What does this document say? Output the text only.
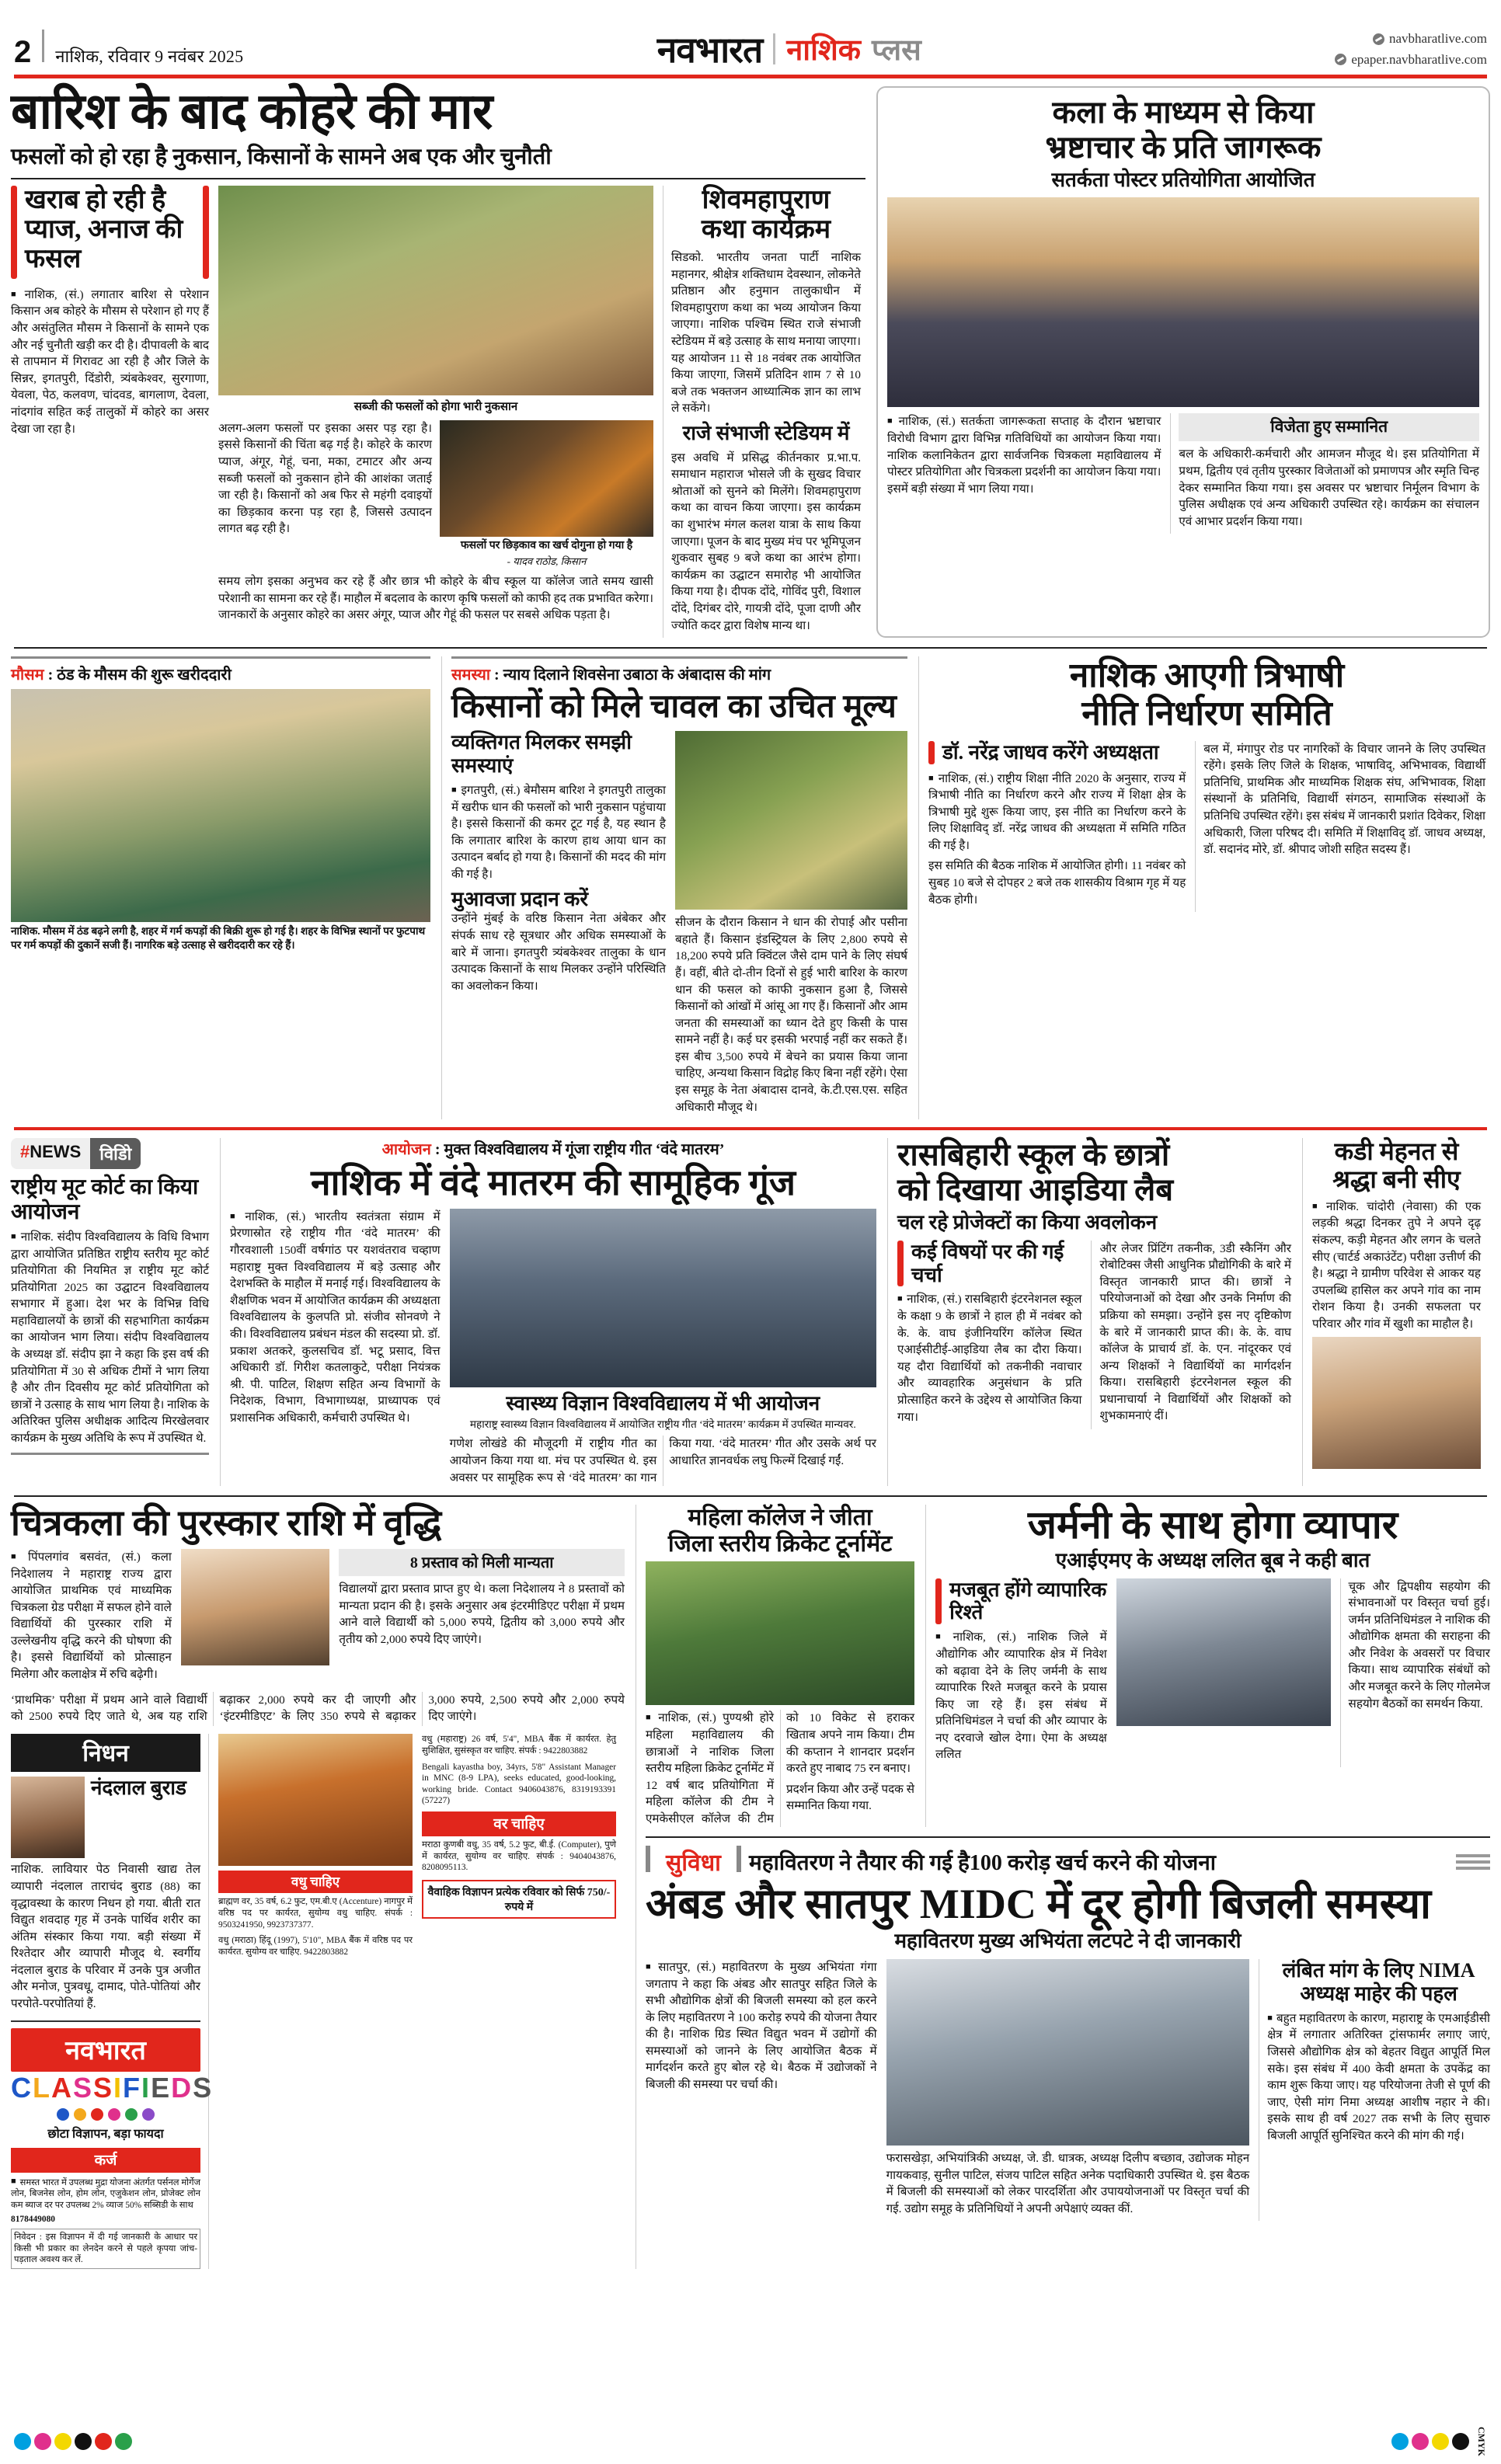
2 नाशिक, रविवार 9 नवंबर 2025	नवभारत नाशिक प्लस	navbharatlive.com
epaper.navbharatlive.com
बारिश के बाद कोहरे की मार
फसलों को हो रहा है नुकसान, किसानों के सामने अब एक और चुनौती
खराब हो रही है प्याज, अनाज की फसल

■ नाशिक, (सं.) लगातार बारिश से परेशान किसान अब कोहरे के मौसम से परेशान हो गए हैं और असंतुलित मौसम ने किसानों के सामने एक और नई चुनौती खड़ी कर दी है। दीपावली के बाद से तापमान में गिरावट आ रही है और जिले के सिन्नर, इगतपुरी, दिंडोरी, त्र्यंबकेश्वर, सुरगाणा, येवला, पेठ, कलवण, चांदवड, बागलाण, देवला, नांदगांव सहित कई तालुकों में कोहरे का असर देखा जा रहा है।

सब्जी की फसलों को होगा भारी नुकसान

अलग-अलग फसलों पर इसका असर पड़ रहा है। इससे किसानों की चिंता बढ़ गई है। कोहरे के कारण प्याज, अंगूर, गेहूं, चना, मका, टमाटर और अन्य सब्जी फसलों को नुकसान होने की आशंका जताई जा रही है। किसानों को अब फिर से महंगी दवाइयों का छिड़काव करना पड़ रहा है, जिससे उत्पादन लागत बढ़ रही है।

फसलों पर छिड़काव का खर्च दोगुना हो गया है
- यादव राठोड, किसान

समय लोग इसका अनुभव कर रहे हैं और छात्र भी कोहरे के बीच स्कूल या कॉलेज जाते समय खासी परेशानी का सामना कर रहे हैं। माहौल में बदलाव के कारण कृषि फसलों को काफी हद तक प्रभावित करेगा। जानकारों के अनुसार कोहरे का असर अंगूर, प्याज और गेहूं की फसल पर सबसे अधिक पड़ता है।

शिवमहापुराण
कथा कार्यक्रम

सिडको. भारतीय जनता पार्टी नाशिक महानगर, श्रीक्षेत्र शक्तिधाम देवस्थान, लोकनेते प्रतिष्ठान और हनुमान तालुकाधीन में शिवमहापुराण कथा का भव्य आयोजन किया जाएगा। नाशिक पश्चिम स्थित राजे संभाजी स्टेडियम में बड़े उत्साह के साथ मनाया जाएगा। यह आयोजन 11 से 18 नवंबर तक आयोजित किया जाएगा, जिसमें प्रतिदिन शाम 7 से 10 बजे तक भक्तजन आध्यात्मिक ज्ञान का लाभ ले सकेंगे।

राजे संभाजी स्टेडियम में

इस अवधि में प्रसिद्ध कीर्तनकार प्र.भा.प. समाधान महाराज भोसले जी के सुखद विचार श्रोताओं को सुनने को मिलेंगे। शिवमहापुराण कथा का वाचन किया जाएगा। इस कार्यक्रम का शुभारंभ मंगल कलश यात्रा के साथ किया जाएगा। पूजन के बाद मुख्य मंच पर भूमिपूजन शुकवार सुबह 9 बजे कथा का आरंभ होगा। कार्यक्रम का उद्घाटन समारोह भी आयोजित किया गया है। दीपक दोंदे, गोविंद पुरी, विशाल दोंदे, दिगंबर दोरे, गायत्री दोंदे, पूजा दाणी और ज्योति कदर द्वारा विशेष मान्य था।

कला के माध्यम से किया
भ्रष्टाचार के प्रति जागरूक
सतर्कता पोस्टर प्रतियोगिता आयोजित

■ नाशिक, (सं.) सतर्कता जागरूकता सप्ताह के दौरान भ्रष्टाचार विरोधी विभाग द्वारा विभिन्न गतिविधियों का आयोजन किया गया। नाशिक कलानिकेतन द्वारा सार्वजनिक चित्रकला महाविद्यालय में पोस्टर प्रतियोगिता और चित्रकला प्रदर्शनी का आयोजन किया गया। इसमें बड़ी संख्या में भाग लिया गया।

विजेता हुए सम्मानित

बल के अधिकारी-कर्मचारी और आमजन मौजूद थे। इस प्रतियोगिता में प्रथम, द्वितीय एवं तृतीय पुरस्कार विजेताओं को प्रमाणपत्र और स्मृति चिन्ह देकर सम्मानित किया गया। इस अवसर पर भ्रष्टाचार निर्मूलन विभाग के पुलिस अधीक्षक एवं अन्य अधिकारी उपस्थित रहे। कार्यक्रम का संचालन एवं आभार प्रदर्शन किया गया।

मौसम : ठंड के मौसम की शुरू खरीददारी
नाशिक. मौसम में ठंड बढ़ने लगी है, शहर में गर्म कपड़ों की बिक्री शुरू हो गई है। शहर के विभिन्न स्थानों पर फुटपाथ पर गर्म कपड़ों की दुकानें सजी हैं। नागरिक बड़े उत्साह से खरीददारी कर रहे हैं।
समस्या : न्याय दिलाने शिवसेना उबाठा के अंबादास की मांग
किसानों को मिले चावल का उचित मूल्य
व्यक्तिगत मिलकर समझी समस्याएं

■ इगतपुरी, (सं.) बेमौसम बारिश ने इगतपुरी तालुका में खरीफ धान की फसलों को भारी नुकसान पहुंचाया है। इससे किसानों की कमर टूट गई है, यह स्थान है कि लगातार बारिश के कारण हाथ आया धान का उत्पादन बर्बाद हो गया है। किसानों की मदद की मांग की गई है।

मुआवजा प्रदान करें

उन्होंने मुंबई के वरिष्ठ किसान नेता अंबेकर और संपर्क साध रहे सूत्रधार और अधिक समस्याओं के बारे में जाना। इगतपुरी त्र्यंबकेश्वर तालुका के धान उत्पादक किसानों के साथ मिलकर उन्होंने परिस्थिति का अवलोकन किया।

सीजन के दौरान किसान ने धान की रोपाई और पसीना बहाते हैं। किसान इंडस्ट्रियल के लिए 2,800 रुपये से 18,200 रुपये प्रति क्विंटल जैसे दाम पाने के लिए संघर्ष हैं। वहीं, बीते दो-तीन दिनों से हुई भारी बारिश के कारण धान की फसल को काफी नुकसान हुआ है, जिससे किसानों को आंखों में आंसू आ गए हैं। किसानों और आम जनता की समस्याओं का ध्यान देते हुए किसी के पास सामने नहीं है। कई घर इसकी भरपाई नहीं कर सकते हैं। इस बीच 3,500 रुपये में बेचने का प्रयास किया जाना चाहिए, अन्यथा किसान विद्रोह किए बिना नहीं रहेंगे। ऐसा इस समूह के नेता अंबादास दानवे, के.टी.एस.एस. सहित अधिकारी मौजूद थे।

नाशिक आएगी त्रिभाषी
नीति निर्धारण समिति
डॉ. नरेंद्र जाधव करेंगे अध्यक्षता

■ नाशिक, (सं.) राष्ट्रीय शिक्षा नीति 2020 के अनुसार, राज्य में त्रिभाषी नीति का निर्धारण करने और राज्य में शिक्षा क्षेत्र के त्रिभाषी मुद्दे शुरू किया जाए, इस नीति का निर्धारण करने के लिए शिक्षाविद् डॉ. नरेंद्र जाधव की अध्यक्षता में समिति गठित की गई है।

इस समिति की बैठक नाशिक में आयोजित होगी। 11 नवंबर को सुबह 10 बजे से दोपहर 2 बजे तक शासकीय विश्राम गृह में यह बैठक होगी।

बल में, मंगापुर रोड पर नागरिकों के विचार जानने के लिए उपस्थित रहेंगे। इसके लिए जिले के शिक्षक, भाषाविद्, अभिभावक, विद्यार्थी प्रतिनिधि, प्राथमिक और माध्यमिक शिक्षक संघ, अभिभावक, शिक्षा संस्थानों के प्रतिनिधि, विद्यार्थी संगठन, सामाजिक संस्थाओं के प्रतिनिधि उपस्थित रहेंगे। इस संबंध में जानकारी प्रशांत दिवेकर, शिक्षा अधिकारी, जिला परिषद दी। समिति में शिक्षाविद् डॉ. जाधव अध्यक्ष, डॉ. सदानंद मोरे, डॉ. श्रीपाद जोशी सहित सदस्य हैं।

#NEWS	विडिो
राष्ट्रीय मूट कोर्ट का किया आयोजन

■ नाशिक. संदीप विश्वविद्यालय के विधि विभाग द्वारा आयोजित प्रतिष्ठित राष्ट्रीय स्तरीय मूट कोर्ट प्रतियोगिता की नियमित ज्ञ राष्ट्रीय मूट कोर्ट प्रतियोगिता 2025 का उद्घाटन विश्वविद्यालय सभागार में हुआ। देश भर के विभिन्न विधि महाविद्यालयों के छात्रों की सहभागिता कार्यक्रम का आयोजन भाग लिया। संदीप विश्वविद्यालय के अध्यक्ष डॉ. संदीप झा ने कहा कि इस वर्ष की प्रतियोगिता में 30 से अधिक टीमों ने भाग लिया है और तीन दिवसीय मूट कोर्ट प्रतियोगिता को छात्रों ने उत्साह के साथ भाग लिया है। नाशिक के अतिरिक्त पुलिस अधीक्षक आदित्य मिरखेलवार कार्यक्रम के मुख्य अतिथि के रूप में उपस्थित थे.

आयोजन : मुक्त विश्वविद्यालय में गूंजा राष्ट्रीय गीत ‘वंदे मातरम’
नाशिक में वंदे मातरम की सामूहिक गूंज

■ नाशिक, (सं.) भारतीय स्वतंत्रता संग्राम में प्रेरणास्रोत रहे राष्ट्रीय गीत ‘वंदे मातरम’ की गौरवशाली 150वीं वर्षगांठ पर यशवंतराव चव्हाण महाराष्ट्र मुक्त विश्वविद्यालय में बड़े उत्साह और देशभक्ति के माहौल में मनाई गई। विश्वविद्यालय के शैक्षणिक भवन में आयोजित कार्यक्रम की अध्यक्षता विश्वविद्यालय के कुलपति प्रो. संजीव सोनवणे ने की। विश्वविद्यालय प्रबंधन मंडल की सदस्या प्रो. डॉ. प्रकाश अतकरे, कुलसचिव डॉ. भटू प्रसाद, वित्त अधिकारी डॉ. गिरीश कतलाकुटे, परीक्षा नियंत्रक श्री. पी. पाटिल, शिक्षण सहित अन्य विभागों के निदेशक, विभाग, विभागाध्यक्ष, प्राध्यापक एवं प्रशासनिक अधिकारी, कर्मचारी उपस्थित थे।

स्वास्थ्य विज्ञान विश्वविद्यालय में भी आयोजन
महाराष्ट्र स्वास्थ्य विज्ञान विश्वविद्यालय में आयोजित राष्ट्रीय गीत ‘वंदे मातरम’ कार्यक्रम में उपस्थित मान्यवर.

गणेश लोखंडे की मौजूदगी में राष्ट्रीय गीत का आयोजन किया गया था. मंच पर उपस्थित थे. इस अवसर पर सामूहिक रूप से ‘वंदे मातरम’ का गान किया गया. ‘वंदे मातरम’ गीत और उसके अर्थ पर आधारित ज्ञानवर्धक लघु फिल्में दिखाई गईं.

रासबिहारी स्कूल के छात्रों
को दिखाया आइडिया लैब
चल रहे प्रोजेक्टों का किया अवलोकन
कई विषयों पर की गई चर्चा

■ नाशिक, (सं.) रासबिहारी इंटरनेशनल स्कूल के कक्षा 9 के छात्रों ने हाल ही में नवंबर को के. के. वाघ इंजीनियरिंग कॉलेज स्थित एआईसीटीई-आइडिया लैब का दौरा किया। यह दौरा विद्यार्थियों को तकनीकी नवाचार और व्यावहारिक अनुसंधान के प्रति प्रोत्साहित करने के उद्देश्य से आयोजित किया गया।

और लेजर प्रिंटिंग तकनीक, 3डी स्कैनिंग और रोबोटिक्स जैसी आधुनिक प्रौद्योगिकी के बारे में विस्तृत जानकारी प्राप्त की। छात्रों ने परियोजनाओं को देखा और उनके निर्माण की प्रक्रिया को समझा। उन्होंने इस नए दृष्टिकोण के बारे में जानकारी प्राप्त की। के. के. वाघ कॉलेज के प्राचार्य डॉ. के. एन. नांदूरकर एवं अन्य शिक्षकों ने विद्यार्थियों का मार्गदर्शन किया। रासबिहारी इंटरनेशनल स्कूल की प्रधानाचार्या ने विद्यार्थियों और शिक्षकों को शुभकामनाएं दीं।

कडी मेहनत से
श्रद्धा बनी सीए

■ नाशिक. चांदोरी (नेवासा) की एक लड़की श्रद्धा दिनकर तुपे ने अपने दृढ़ संकल्प, कड़ी मेहनत और लगन के चलते सीए (चार्टर्ड अकाउंटेंट) परीक्षा उत्तीर्ण की है। श्रद्धा ने ग्रामीण परिवेश से आकर यह उपलब्धि हासिल कर अपने गांव का नाम रोशन किया है। उनकी सफलता पर परिवार और गांव में खुशी का माहौल है।

चित्रकला की पुरस्कार राशि में वृद्धि

■ पिंपलगांव बसवंत, (सं.) कला निदेशालय ने महाराष्ट्र राज्य द्वारा आयोजित प्राथमिक एवं माध्यमिक चित्रकला ग्रेड परीक्षा में सफल होने वाले विद्यार्थियों की पुरस्कार राशि में उल्लेखनीय वृद्धि करने की घोषणा की है। इससे विद्यार्थियों को प्रोत्साहन मिलेगा और कलाक्षेत्र में रुचि बढ़ेगी।

8 प्रस्ताव को मिली मान्यता

विद्यालयों द्वारा प्रस्ताव प्राप्त हुए थे। कला निदेशालय ने 8 प्रस्तावों को मान्यता प्रदान की है। इसके अनुसार अब इंटरमीडिएट परीक्षा में प्रथम आने वाले विद्यार्थी को 5,000 रुपये, द्वितीय को 3,000 रुपये और तृतीय को 2,000 रुपये दिए जाएंगे।

‘प्राथमिक’ परीक्षा में प्रथम आने वाले विद्यार्थी को 2500 रुपये दिए जाते थे, अब यह राशि बढ़ाकर 2,000 रुपये कर दी जाएगी और ‘इंटरमीडिएट’ के लिए 350 रुपये से बढ़ाकर 3,000 रुपये, 2,500 रुपये और 2,000 रुपये दिए जाएंगे।

निधन
नंदलाल बुराड

नाशिक. लावियार पेठ निवासी खाद्य तेल व्यापारी नंदलाल ताराचंद बुराड (88) का वृद्धावस्था के कारण निधन हो गया. बीती रात विद्युत शवदाह गृह में उनके पार्थिव शरीर का अंतिम संस्कार किया गया. बड़ी संख्या में रिश्तेदार और व्यापारी मौजूद थे. स्वर्गीय नंदलाल बुराड के परिवार में उनके पुत्र अजीत और मनोज, पुत्रवधू, दामाद, पोते-पोतियां और परपोते-परपोतियां हैं.

नवभारत
CLASSIFIEDS
छोटा विज्ञापन, बड़ा फायदा
कर्ज
■ समस्त भारत में उपलब्ध मुद्रा योजना अंतर्गत पर्सनल मोर्गेज लोन, बिजनेस लोन, होम लोन, एजुकेशन लोन, प्रोजेक्ट लोन कम ब्याज दर पर उपलब्ध 2% व्याज 50% सब्सिडी के साथ
8178449080
निवेदन : इस विज्ञापन में दी गई जानकारी के आधार पर किसी भी प्रकार का लेनदेन करने से पहले कृपया जांच-पड़ताल अवश्य कर लें.
वधु चाहिए
ब्राह्मण वर, 35 वर्ष, 6.2 फुट, एम.बी.ए (Accenture) नागपुर में वरिष्ठ पद पर कार्यरत, सुयोग्य वधु चाहिए. संपर्क : 9503241950, 9923737377.
वधु (मराठा) हिंदू (1997), 5'10", MBA बैंक में वरिष्ठ पद पर कार्यरत. सुयोग्य वर चाहिए. 9422803882
वधु (महाराष्ट्र) 26 वर्ष, 5'4", MBA बैंक में कार्यरत. हेतु सुशिक्षित, सुसंस्कृत वर चाहिए. संपर्क : 9422803882
Bengali kayastha boy, 34yrs, 5'8" Assistant Manager in MNC (8-9 LPA), seeks educated, good-looking, working bride. Contact 9406043876, 8319193391 (57227)
वर चाहिए
मराठा कुणबी वधु, 35 वर्ष, 5.2 फुट, बी.ई. (Computer), पुणे में कार्यरत, सुयोग्य वर चाहिए. संपर्क : 9404043876, 8208095113.
वैवाहिक विज्ञापन प्रत्येक रविवार को सिर्फ 750/- रुपये में
महिला कॉलेज ने जीता
जिला स्तरीय क्रिकेट टूर्नामेंट

■ नाशिक, (सं.) पुण्यश्री होरे महिला महाविद्यालय की छात्राओं ने नाशिक जिला स्तरीय महिला क्रिकेट टूर्नामेंट में 12 वर्ष बाद प्रतियोगिता में महिला कॉलेज की टीम ने एमकेसीएल कॉलेज की टीम को 10 विकेट से हराकर खिताब अपने नाम किया। टीम की कप्तान ने शानदार प्रदर्शन करते हुए नाबाद 75 रन बनाए।

प्रदर्शन किया और उन्हें पदक से सम्मानित किया गया.

जर्मनी के साथ होगा व्यापार
एआईएमए के अध्यक्ष ललित बूब ने कही बात
मजबूत होंगे व्यापारिक रिश्ते

■ नाशिक, (सं.) नाशिक जिले में औद्योगिक और व्यापारिक क्षेत्र में निवेश को बढ़ावा देने के लिए जर्मनी के साथ व्यापारिक रिश्ते मजबूत करने के प्रयास किए जा रहे हैं। इस संबंध में प्रतिनिधिमंडल ने चर्चा की और व्यापार के नए दरवाजे खोल देगा। ऐमा के अध्यक्ष ललित

चूक और द्विपक्षीय सहयोग की संभावनाओं पर विस्तृत चर्चा हुई। जर्मन प्रतिनिधिमंडल ने नाशिक की औद्योगिक क्षमता की सराहना की और निवेश के अवसरों पर विचार किया। साथ व्यापारिक संबंधों को और मजबूत करने के लिए गोलमेज सहयोग बैठकों का समर्थन किया.

सुविधा	महावितरण ने तैयार की गई है100 करोड़ खर्च करने की योजना
अंबड और सातपुर MIDC में दूर होगी बिजली समस्या
महावितरण मुख्य अभियंता लटपटे ने दी जानकारी

■ सातपुर, (सं.) महावितरण के मुख्य अभियंता गंगा जगताप ने कहा कि अंबड और सातपुर सहित जिले के सभी औद्योगिक क्षेत्रों की बिजली समस्या को हल करने के लिए महावितरण ने 100 करोड़ रुपये की योजना तैयार की है। नाशिक ग्रिड स्थित विद्युत भवन में उद्योगों की समस्याओं को जानने के लिए आयोजित बैठक में मार्गदर्शन करते हुए बोल रहे थे। बैठक में उद्योजकों ने बिजली की समस्या पर चर्चा की।

फरासखेड़ा, अभियांत्रिकी अध्यक्ष, जे. डी. धात्रक, अध्यक्ष दिलीप बच्छाव, उद्योजक मोहन गायकवाड़, सुनील पाटिल, संजय पाटिल सहित अनेक पदाधिकारी उपस्थित थे. इस बैठक में बिजली की समस्याओं को लेकर पारदर्शिता और उपाययोजनाओं पर विस्तृत चर्चा की गई. उद्योग समूह के प्रतिनिधियों ने अपनी अपेक्षाएं व्यक्त कीं.

लंबित मांग के लिए NIMA अध्यक्ष माहेर की पहल

■ बहुत महावितरण के कारण, महाराष्ट्र के एमआईडीसी क्षेत्र में लगातार अतिरिक्त ट्रांसफार्मर लगाए जाएं, जिससे औद्योगिक क्षेत्र को बेहतर विद्युत आपूर्ति मिल सके। इस संबंध में 400 केवी क्षमता के उपकेंद्र का काम शुरू किया जाए। यह परियोजना तेजी से पूर्ण की जाए, ऐसी मांग निमा अध्यक्ष आशीष नहार ने की। इसके साथ ही वर्ष 2027 तक सभी के लिए सुचारु बिजली आपूर्ति सुनिश्चित करने की मांग की गई।

CMYK
